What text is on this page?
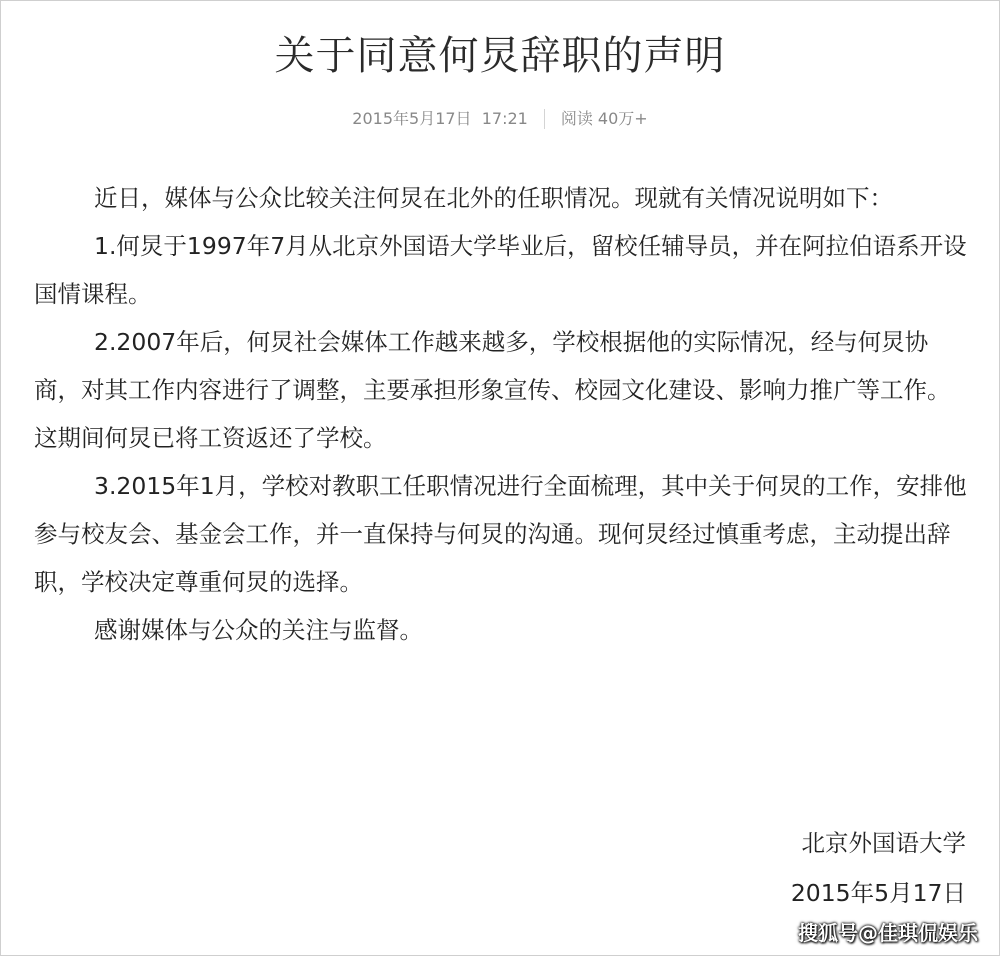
关于同意何炅辞职的声明
2015年5月17日  17:21 阅读 40万+

近日，媒体与公众比较关注何炅在北外的任职情况。现就有关情况说明如下：

1.何炅于1997年7月从北京外国语大学毕业后，留校任辅导员，并在阿拉伯语系开设国情课程。

2.2007年后，何炅社会媒体工作越来越多，学校根据他的实际情况，经与何炅协商，对其工作内容进行了调整，主要承担形象宣传、校园文化建设、影响力推广等工作。这期间何炅已将工资返还了学校。

3.2015年1月，学校对教职工任职情况进行全面梳理，其中关于何炅的工作，安排他参与校友会、基金会工作，并一直保持与何炅的沟通。现何炅经过慎重考虑，主动提出辞职，学校决定尊重何炅的选择。

感谢媒体与公众的关注与监督。

北京外国语大学
2015年5月17日
搜狐号@佳琪侃娱乐
